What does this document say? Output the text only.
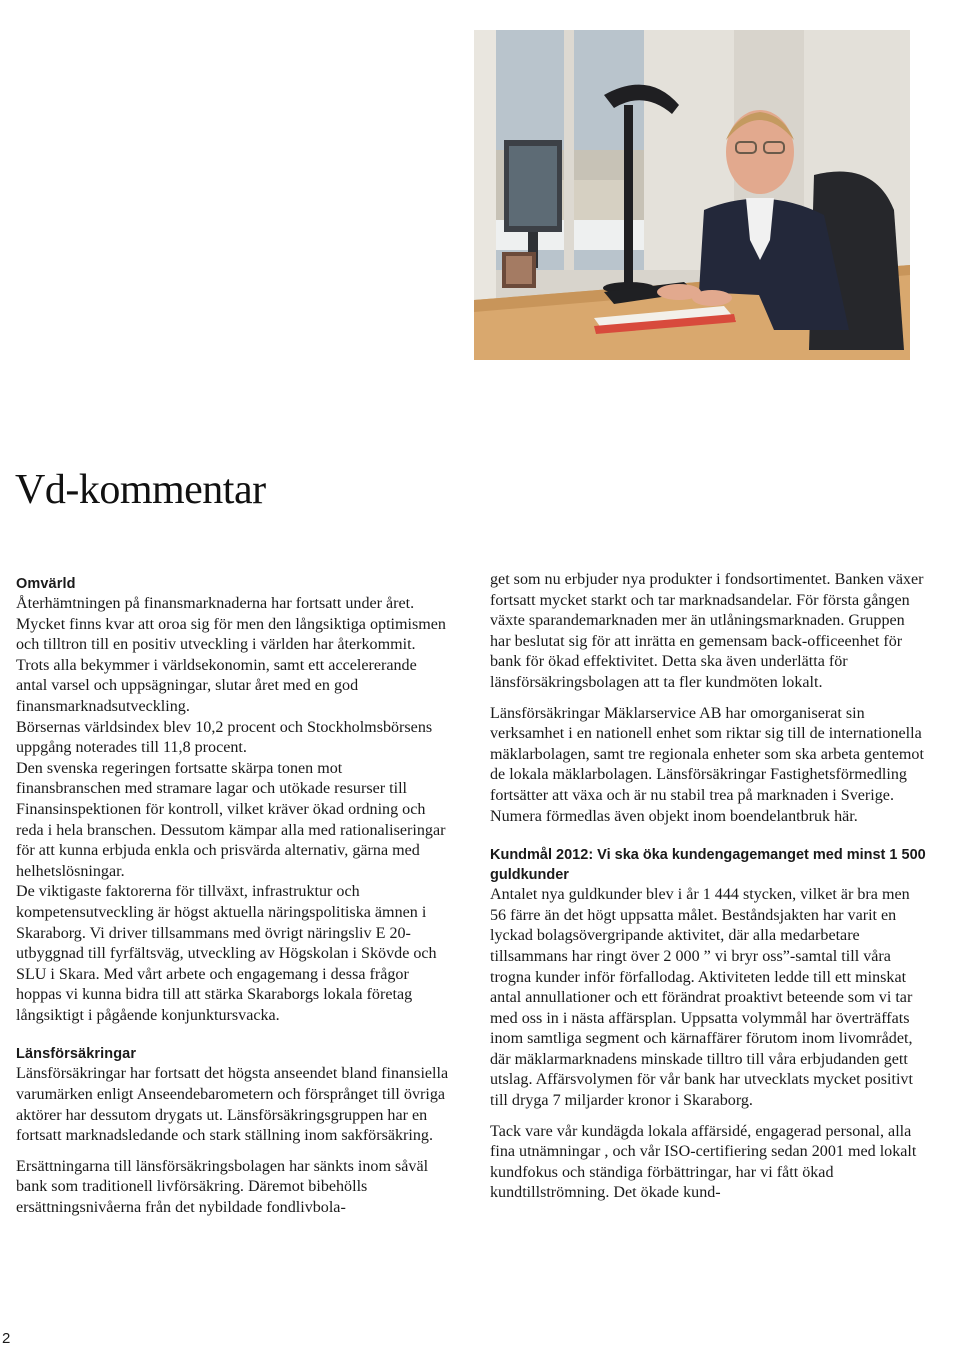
Vd-kommentar
Omvärld

Återhämtningen på finansmarknaderna har fortsatt under året. Mycket finns kvar att oroa sig för men den långsiktiga optimismen och tilltron till en positiv utveckling i världen har återkommit. Trots alla bekymmer i världsekonomin, samt ett accelererande antal varsel och uppsägningar, slutar året med en god finansmarknadsutveckling.

Börsernas världsindex blev 10,2 procent och Stockholmsbörsens uppgång noterades till 11,8 procent.

Den svenska regeringen fortsatte skärpa tonen mot finansbranschen med stramare lagar och utökade resurser till Finansinspektionen för kontroll, vilket kräver ökad ordning och reda i hela branschen. Dessutom kämpar alla med rationaliseringar för att kunna erbjuda enkla och prisvärda alternativ, gärna med helhetslösningar.

De viktigaste faktorerna för tillväxt, infrastruktur och kompetensutveckling är högst aktuella näringspolitiska ämnen i Skaraborg. Vi driver tillsammans med övrigt näringsliv E 20-utbyggnad till fyrfältsväg, utveckling av Högskolan i Skövde och SLU i Skara. Med vårt arbete och engagemang i dessa frågor hoppas vi kunna bidra till att stärka Skaraborgs lokala företag långsiktigt i pågående konjunktursvacka.

Länsförsäkringar

Länsförsäkringar har fortsatt det högsta anseendet bland finansiella varumärken enligt Anseendebarometern och försprånget till övriga aktörer har dessutom drygats ut. Länsförsäkringsgruppen har en fortsatt marknadsledande och stark ställning inom sakförsäkring.

Ersättningarna till länsförsäkringsbolagen har sänkts inom såväl bank som traditionell livförsäkring. Däremot bibehölls ersättningsnivåerna från det nybildade fondlivbola-

get som nu erbjuder nya produkter i fondsortimentet. Banken växer fortsatt mycket starkt och tar marknadsandelar. För första gången växte sparandemarknaden mer än utlåningsmarknaden. Gruppen har beslutat sig för att inrätta en gemensam back-officeenhet för bank för ökad effektivitet. Detta ska även underlätta för länsförsäkringsbolagen att ta fler kundmöten lokalt.

Länsförsäkringar Mäklarservice AB har omorganiserat sin verksamhet i en nationell enhet som riktar sig till de internationella mäklarbolagen, samt tre regionala enheter som ska arbeta gentemot de lokala mäklarbolagen. Länsförsäkringar Fastighetsförmedling fortsätter att växa och är nu stabil trea på marknaden i Sverige. Numera förmedlas även objekt inom boendelantbruk här.

Kundmål 2012: Vi ska öka kundengagemanget med minst 1 500 guldkunder

Antalet nya guldkunder blev i år 1 444 stycken, vilket är bra men 56 färre än det högt uppsatta målet. Beståndsjakten har varit en lyckad bolagsövergripande aktivitet, där alla medarbetare tillsammans har ringt över 2 000 ” vi bryr oss”-samtal till våra trogna kunder inför förfallodag. Aktiviteten ledde till ett minskat antal annullationer och ett förändrat proaktivt beteende som vi tar med oss in i nästa affärsplan. Uppsatta volymmål har överträffats inom samtliga segment och kärnaffärer förutom inom livområdet, där mäklarmarknadens minskade tilltro till våra erbjudanden gett utslag. Affärsvolymen för vår bank har utvecklats mycket positivt till dryga 7 miljarder kronor i Skaraborg.

Tack vare vår kundägda lokala affärsidé, engagerad personal, alla fina utnämningar , och vår ISO-certifiering sedan 2001 med lokalt kundfokus och ständiga förbättringar, har vi fått ökad kundtillströmning. Det ökade kund-

2
